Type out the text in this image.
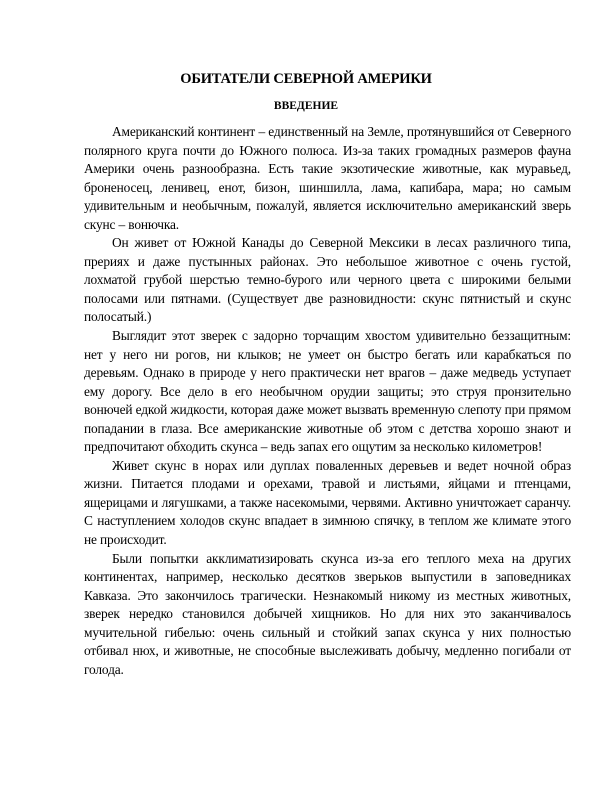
ОБИТАТЕЛИ СЕВЕРНОЙ АМЕРИКИ
ВВЕДЕНИЕ

Американский континент – единственный на Земле, протянувшийся от Северного полярного круга почти до Южного полюса. Из-за таких громадных размеров фауна Америки очень разнообразна. Есть такие экзотические животные, как муравьед, броненосец, ленивец, енот, бизон, шиншилла, лама, капибара, мара; но самым удивительным и необычным, пожалуй, является исключительно американский зверь скунс – вонючка.

Он живет от Южной Канады до Северной Мексики в лесах различного типа, прериях и даже пустынных районах. Это небольшое животное с очень густой, лохматой грубой шерстью темно-бурого или черного цвета с широкими белыми полосами или пятнами. (Существует две разновидности: скунс пятнистый и скунс полосатый.)

Выглядит этот зверек с задорно торчащим хвостом удивительно беззащитным: нет у него ни рогов, ни клыков; не умеет он быстро бегать или карабкаться по деревьям. Однако в природе у него практически нет врагов – даже медведь уступает ему дорогу. Все дело в его необычном орудии защиты; это струя пронзительно вонючей едкой жидкости, которая даже может вызвать временную слепоту при прямом попадании в глаза. Все американские животные об этом с детства хорошо знают и предпочитают обходить скунса – ведь запах его ощутим за несколько километров!

Живет скунс в норах или дуплах поваленных деревьев и ведет ночной образ жизни. Питается плодами и орехами, травой и листьями, яйцами и птенцами, ящерицами и лягушками, а также насекомыми, червями. Активно уничтожает саранчу. С наступлением холодов скунс впадает в зимнюю спячку, в теплом же климате этого не происходит.

Были попытки акклиматизировать скунса из-за его теплого меха на других континентах, например, несколько десятков зверьков выпустили в заповедниках Кавказа. Это закончилось трагически. Незнакомый никому из местных животных, зверек нередко становился добычей хищников. Но для них это заканчивалось мучительной гибелью: очень сильный и стойкий запах скунса у них полностью отбивал нюх, и животные, не способные выслеживать добычу, медленно погибали от голода.
